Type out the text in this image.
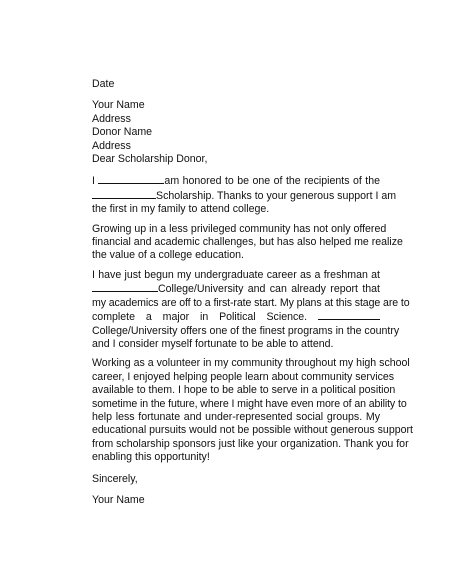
Date
Your Name
Address
Donor Name
Address
Dear Scholarship Donor,
I	am honored to be one of the recipients of the
Scholarship. Thanks to your generous support I am
the first in my family to attend college.
Growing up in a less privileged community has not only offered
financial and academic challenges, but has also helped me realize
the value of a college education.
I have just begun my undergraduate career as a freshman at
College/University and can already report that
my academics are off to a first-rate start. My plans at this stage are to
complete a major in Political Science.
College/University offers one of the finest programs in the country
and I consider myself fortunate to be able to attend.
Working as a volunteer in my community throughout my high school
career, I enjoyed helping people learn about community services
available to them. I hope to be able to serve in a political position
sometime in the future, where I might have even more of an ability to
help less fortunate and under-represented social groups. My
educational pursuits would not be possible without generous support
from scholarship sponsors just like your organization. Thank you for
enabling this opportunity!
Sincerely,
Your Name
